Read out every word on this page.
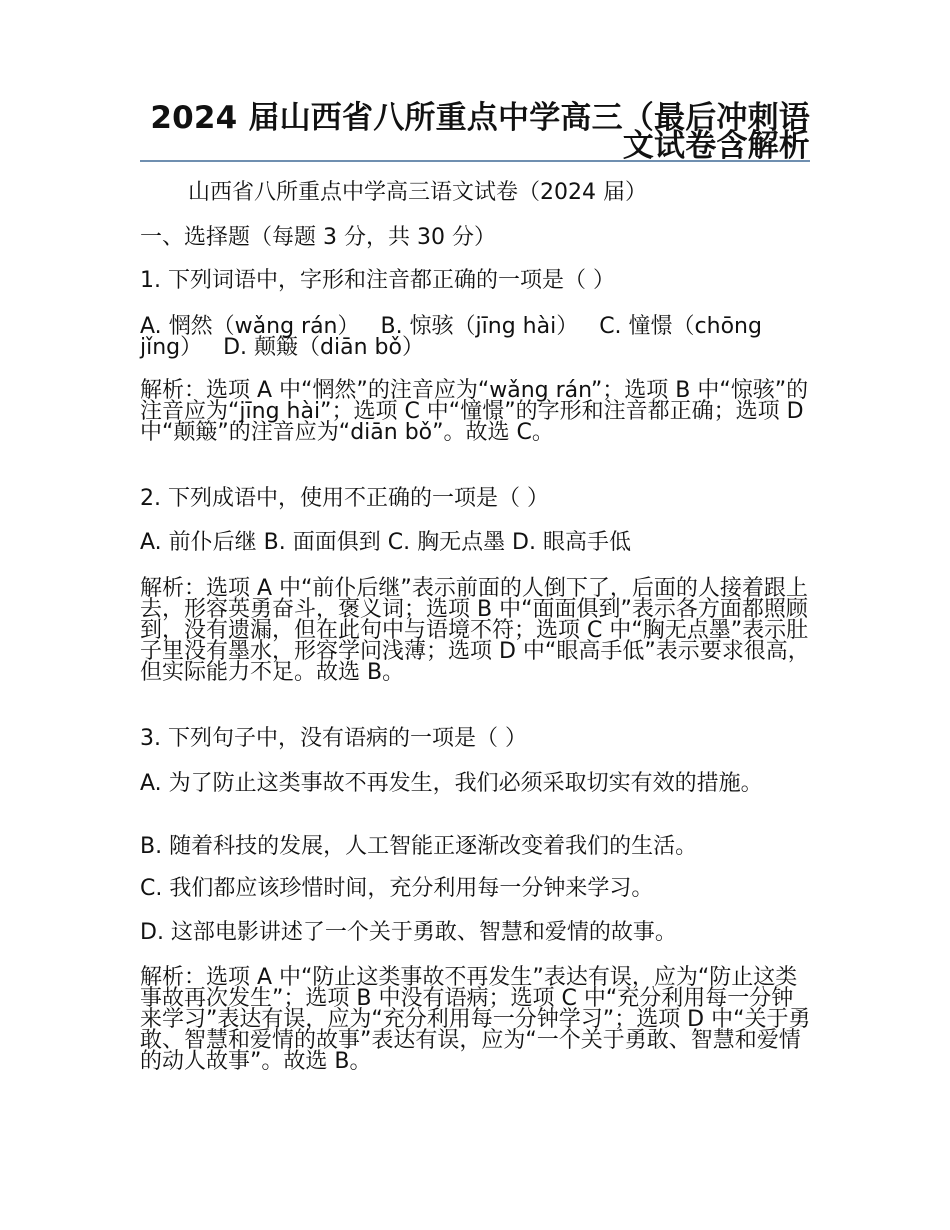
2024 届山西省八所重点中学高三（最后冲刺语文试卷含解析
山西省八所重点中学高三语文试卷（2024 届）
一、选择题（每题 3 分，共 30 分）
1. 下列词语中，字形和注音都正确的一项是（ ）
A. 惘然（wǎng rán）   B. 惊骇（jīng hài）   C. 憧憬（chōng
jǐng）   D. 颠簸（diān bǒ）
解析：选项 A 中“惘然”的注音应为“wǎng rán”；选项 B 中“惊骇”的注音应为“jīng hài”；选项 C 中“憧憬”的字形和注音都正确；选项 D 中“颠簸”的注音应为“diān bǒ”。故选 C。
2. 下列成语中，使用不正确的一项是（ ）
A. 前仆后继 B. 面面俱到 C. 胸无点墨 D. 眼高手低
解析：选项 A 中“前仆后继”表示前面的人倒下了，后面的人接着跟上去，形容英勇奋斗，褒义词；选项 B 中“面面俱到”表示各方面都照顾到，没有遗漏，但在此句中与语境不符；选项 C 中“胸无点墨”表示肚子里没有墨水，形容学问浅薄；选项 D 中“眼高手低”表示要求很高，但实际能力不足。故选 B。
3. 下列句子中，没有语病的一项是（ ）
A. 为了防止这类事故不再发生，我们必须采取切实有效的措施。
B. 随着科技的发展，人工智能正逐渐改变着我们的生活。
C. 我们都应该珍惜时间，充分利用每一分钟来学习。
D. 这部电影讲述了一个关于勇敢、智慧和爱情的故事。
解析：选项 A 中“防止这类事故不再发生”表达有误，应为“防止这类事故再次发生”；选项 B 中没有语病；选项 C 中“充分利用每一分钟来学习”表达有误，应为“充分利用每一分钟学习”；选项 D 中“关于勇敢、智慧和爱情的故事”表达有误，应为“一个关于勇敢、智慧和爱情的动人故事”。故选 B。
